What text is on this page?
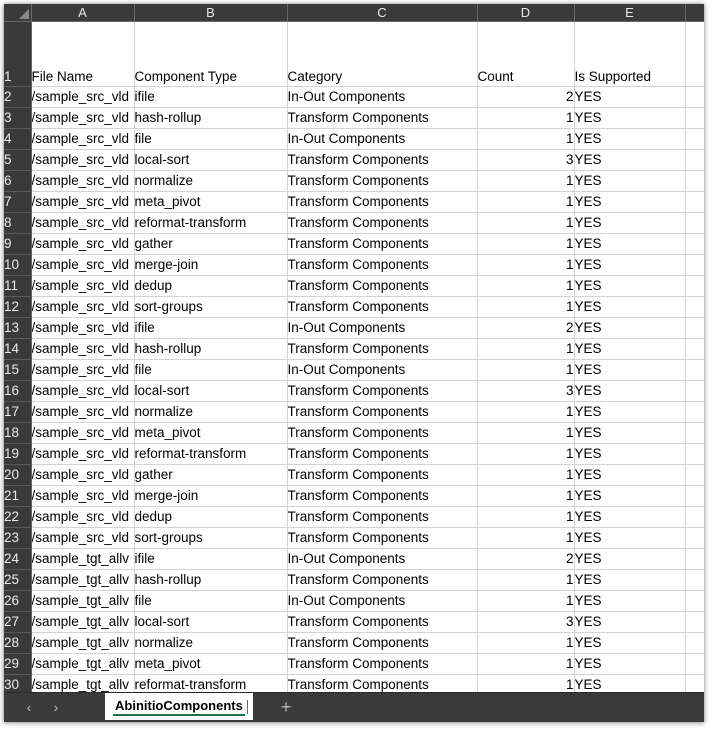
	A	B	C	D	E	
1	File Name	Component Type	Category	Count	Is Supported	
2	/sample_src_vld	ifile	In-Out Components	2	YES	
3	/sample_src_vld	hash-rollup	Transform Components	1	YES	
4	/sample_src_vld	file	In-Out Components	1	YES	
5	/sample_src_vld	local-sort	Transform Components	3	YES	
6	/sample_src_vld	normalize	Transform Components	1	YES	
7	/sample_src_vld	meta_pivot	Transform Components	1	YES	
8	/sample_src_vld	reformat-transform	Transform Components	1	YES	
9	/sample_src_vld	gather	Transform Components	1	YES	
10	/sample_src_vld	merge-join	Transform Components	1	YES	
11	/sample_src_vld	dedup	Transform Components	1	YES	
12	/sample_src_vld	sort-groups	Transform Components	1	YES	
13	/sample_src_vld	ifile	In-Out Components	2	YES	
14	/sample_src_vld	hash-rollup	Transform Components	1	YES	
15	/sample_src_vld	file	In-Out Components	1	YES	
16	/sample_src_vld	local-sort	Transform Components	3	YES	
17	/sample_src_vld	normalize	Transform Components	1	YES	
18	/sample_src_vld	meta_pivot	Transform Components	1	YES	
19	/sample_src_vld	reformat-transform	Transform Components	1	YES	
20	/sample_src_vld	gather	Transform Components	1	YES	
21	/sample_src_vld	merge-join	Transform Components	1	YES	
22	/sample_src_vld	dedup	Transform Components	1	YES	
23	/sample_src_vld	sort-groups	Transform Components	1	YES	
24	/sample_tgt_allv	ifile	In-Out Components	2	YES	
25	/sample_tgt_allv	hash-rollup	Transform Components	1	YES	
26	/sample_tgt_allv	file	In-Out Components	1	YES	
27	/sample_tgt_allv	local-sort	Transform Components	3	YES	
28	/sample_tgt_allv	normalize	Transform Components	1	YES	
29	/sample_tgt_allv	meta_pivot	Transform Components	1	YES	
30	/sample_tgt_allv	reformat-transform	Transform Components	1	YES	
‹	›	AbinitioComponents	+
